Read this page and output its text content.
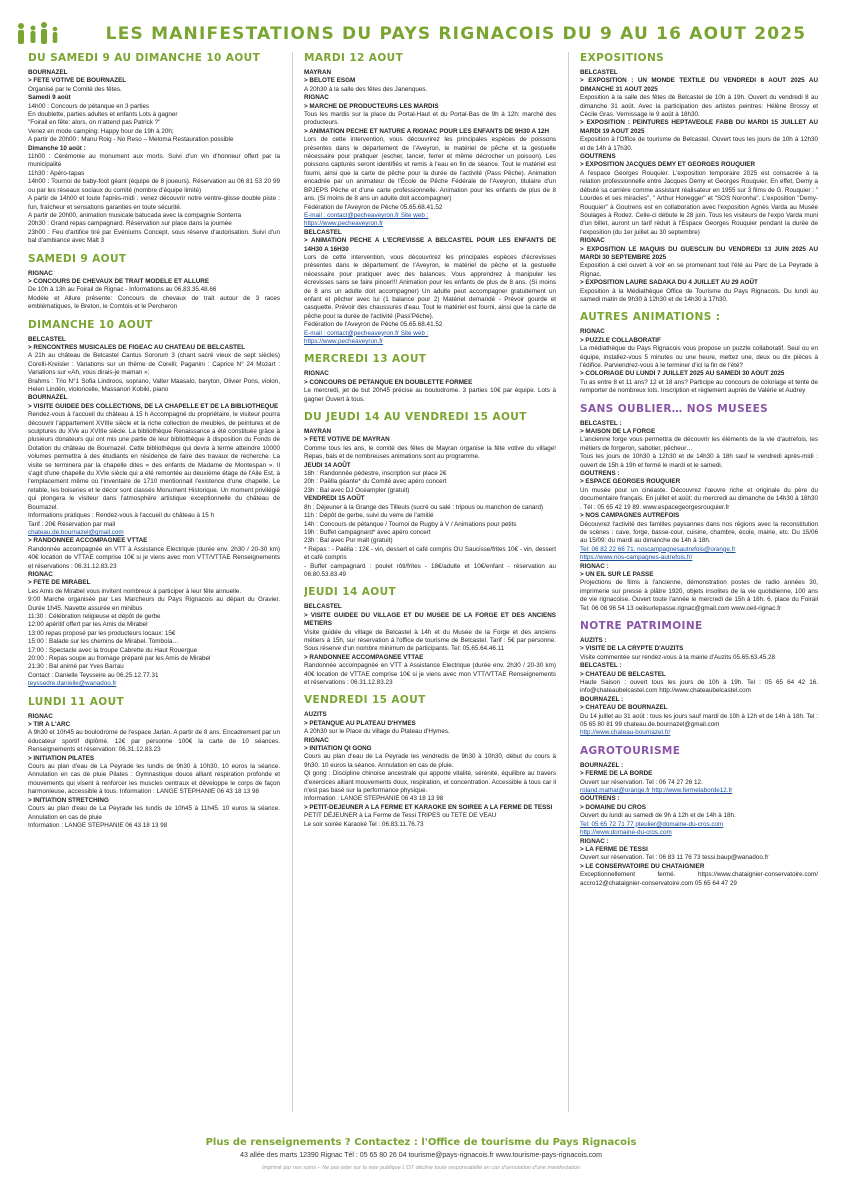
LES MANIFESTATIONS DU PAYS RIGNACOIS DU 9 AU 16 AOUT 2025
DU SAMEDI 9 AU DIMANCHE 10 AOUT
BOURNAZEL
> FETE VOTIVE DE BOURNAZEL
Organisé par le Comité des fêtes.
Samedi 9 août
14h00 : Concours de pétanque en 3 parties
En doublette, parties adultes et enfants Lots à gagner
"Foirail en fête: alors, on n'attend pas Patrick ?"
Venez en mode camping: Happy hour de 19h à 20h;
A partir de 20h00 : Manu Roig - No Reso – Meloma Restauration possible
Dimanche 10 août :
11h00 : Cérémonie au monument aux morts. Suivi d'un vin d'honneur offert par la municipalité
11h30 : Apéro-tapas
14h00 : Tournoi de baby-foot géant (équipe de 8 joueurs). Réservation au 06 81 53 20 99 ou par les réseaux sociaux du comité (nombre d'équipe limité)
A partir de 14h00 et toute l'après-midi : venez découvrir notre ventre-glisse double piste : fun, fraîcheur et sensations garanties en toute sécurité.
A partir de 20h00, animation musicale batucada avec la compagnie Sonterra
20h30 : Grand repas campagnard. Réservation sur place dans la journée
23h00 : Feu d'artifice tiré par Evéniums Concept, sous réserve d'autorisation. Suivi d'un bal d'ambiance avec Malt 3
SAMEDI 9 AOUT
RIGNAC
> CONCOURS DE CHEVAUX DE TRAIT MODELE ET ALLURE
De 10h à 13h au Foirail de Rignac - Informations au 06.83.35.48.66
Modèle et Allure présente: Concours de chevaux de trait autour de 3 races emblématiques, le Breton, le Comtois et le Percheron
DIMANCHE 10 AOUT
BELCASTEL
> RENCONTRES MUSICALES DE FIGEAC AU CHATEAU DE BELCASTEL
A 21h au château de Belcastel Cantus Sororum 3 (chant sacré vieux de sept siècles) Corelli-Kreisler : Variations sur un thème de Corelli; Paganini : Caprice N° 24 Mozart : Variations sur «Ah, vous dirais-je maman »;
Brahms : Trio N°1 Sofia Lindroos, soprano, Valter Maasalo, baryton, Olivier Pons, violon, Helen Lindén, violoncelle, Massanori Kobiki, piano
BOURNAZEL
> VISITE GUIDEE DES COLLECTIONS, DE LA CHAPELLE ET DE LA BIBLIOTHEQUE
Rendez-vous à l'accueil du château à 15 h Accompagné du propriétaire, le visiteur pourra découvrir l'appartement XVIIIe siècle et la riche collection de meubles, de peintures et de sculptures du XVe au XVIIIe siècle. La bibliothèque Renaissance a été constituée grâce à plusieurs donateurs qui ont mis une partie de leur bibliothèque à disposition du Fonds de Dotation du château de Bournazel. Cette bibliothèque qui devra à terme atteindre 10000 volumes permettra à des étudiants en résidence de faire des travaux de recherche. La visite se terminera par la chapelle dites « des enfants de Madame de Montespan ». Il s'agit d'une chapelle du XVIe siècle qui a été remontée au deuxième étage de l'Aile Est, à l'emplacement même où l'inventaire de 1710 mentionnait l'existence d'une chapelle. Le retable, les boiseries et le décor sont classés Monument Historique. Un moment privilégié qui plongera le visiteur dans l'atmosphère artistique exceptionnelle du château de Bournazel.
Informations pratiques : Rendez-vous à l'accueil du château à 15 h
Tarif : 20€ Réservation par mail
chateau.de.bournazel@gmail.com
> RANDONNEE ACCOMPAGNEE VTTAE
Randonnée accompagnée en VTT à Assistance Electrique (durée env. 2h30 / 20-30 km) 40€ location de VTTAE comprise 10€ si je viens avec mon VTT/VTTAE Renseignements et réservations : 06.31.12.83.23
RIGNAC
> FETE DE MIRABEL
Les Amis de Mirabel vous invitent nombreux à participer à leur fête annuelle.
9:00 Marche organisée par Les Marcheurs du Pays Rignacois au départ du Gravier. Durée 1h45. Navette assurée en minibus
11:30 : Célébration religieuse et dépôt de gerbe
12:00 apéritif offert par les Amis de Mirabel
13:00 repas proposé par les producteurs locaux: 15€
15:00 : Balade sur les chemins de Mirabel. Tombola…
17:00 : Spectacle avec la troupe Cabrette du Haut Rouergue
20:00 : Repas soupe au fromage préparé par les Amis de Mirabel
21:30 : Bal animé par Yves Barrau
Contact : Danielle Teysseire au 06.25.12.77.31
teyssedre.danielle@wanadoo.fr
LUNDI 11 AOUT
RIGNAC
> TIR A L'ARC
A 9h30 et 10h45 au boulodrome de l'espace Jarlan. A partir de 8 ans. Encadrement par un éducateur sportif diplômé. 12€ par personne 100€ la carte de 10 séances. Renseignements et réservation: 06.31.12.83.23
> INITIATION PILATES
Cours au plan d'eau de La Peyrade les lundis de 9h30 à 10h30. 10 euros la séance. Annulation en cas de pluie Pilates : Gymnastique douce alliant respiration profonde et mouvements qui visent à renforcer les muscles centraux et développe le corps de façon harmonieuse, accessible à tous. Information : LANGE STEPHANIE 06 43 18 13 98
> INITIATION STRETCHING
Cours au plan d'eau de La Peyrade les lundis de 10h45 à 11h45. 10 euros la séance. Annulation en cas de pluie
Information : LANGE STEPHANIE 06 43 18 13 98
MARDI 12 AOUT
MAYRAN
> BELOTE ESGM
A 20h30 à la salle des fêtes des Janenques.
RIGNAC
> MARCHE DE PRODUCTEURS LES MARDIS
Tous les mardis sur la place du Portal-Haut et du Portal-Bas de 9h à 12h: marché des producteurs.
> ANIMATION PECHE ET NATURE A RIGNAC POUR LES ENFANTS DE 9H30 A 12H
Lors de cette intervention, vous découvrirez les principales espèces de poissons présentes dans le département de l'Aveyron, le matériel de pêche et la gestuelle nécessaire pour pratiquer (escher, lancer, ferrer et même décrocher un poisson). Les poissons capturés seront identifiés et remis à l'eau en fin de séance. Tout le matériel est fourni, ainsi que la carte de pêche pour la durée de l'activité (Pass Pêche). Animation encadrée par un animateur de l'École de Pêche Fédérale de l'Aveyron, titulaire d'un BPJEPS Pêche et d'une carte professionnelle. Animation pour les enfants de plus de 8 ans. (Si moins de 8 ans un adulte doit accompagner)
Fédération de l'Aveyron de Pêche 05.65.68.41.52
E-mail : contact@pecheaveyron.fr Site web :
https://www.pecheaveyron.fr
BELCASTEL
> ANIMATION PECHE A L'ECREVISSE A BELCASTEL POUR LES ENFANTS DE 14H30 A 16H30
Lors de cette intervention, vous découvrirez les principales espèces d'écrevisses présentes dans le département de l'Aveyron, le matériel de pêche et la gestuelle nécessaire pour pratiquer avec des balances. Vous apprendrez à manipuler les écrevisses sans se faire pincer!!! Animation pour les enfants de plus de 8 ans. (Si moins de 8 ans un adulte doit accompagner) Un adulte peut accompagner gratuitement un enfant et pêcher avec lui (1 balance pour 2) Matériel demandé - Prévoir gourde et casquette. Prévoir des chaussures d'eau. Tout le matériel est fourni, ainsi que la carte de pêche pour la durée de l'activité (Pass'Pêche).
Fédération de l'Aveyron de Pêche 05.65.68.41.52
E-mail : contact@pecheaveyron.fr Site web :
https://www.pecheaveyron.fr
MERCREDI 13 AOUT
RIGNAC
> CONCOURS DE PETANQUE EN DOUBLETTE FORMEE
Le mercredi, jet de but 20h45 précise au boulodrome. 3 parties 10€ par équipe. Lots à gagner Ouvert à tous.
DU JEUDI 14 AU VENDREDI 15 AOUT
MAYRAN
> FETE VOTIVE DE MAYRAN
Comme tous les ans, le comité des fêtes de Mayran organise la fête votive du village! Repas, bals et de nombreuses animations sont au programme.
JEUDI 14 AOÛT
18h : Randonnée pédestre, inscription sur place 2€
20h : Paëlla géante* du Comité avec apéro concert
23h : Bal avec DJ Océampler (gratuit)
VENDREDI 15 AOÛT
8h : Déjeuner à la Grange des Tilleuls (sucré ou salé : tripous ou manchon de canard)
11h : Dépôt de gerbe, suivi du verre de l'amitié
14h : Concours de pétanque / Tournoi de Rugby à V / Animations pour petits
19h : Buffet campagnard* avec apéro concert
23h : Bal avec Pur malt (gratuit)
* Repas : - Paëlla : 12€ - vin, dessert et café compris OU Saucisse/frites 10€ - vin, dessert et café compris
- Buffet campagnard : poulet rôti/frites - 18€/adulte et 10€/enfant - réservation au 06.80.53.83.49
JEUDI 14 AOUT
BELCASTEL
> VISITE GUIDEE DU VILLAGE ET DU MUSEE DE LA FORGE ET DES ANCIENS METIERS
Visite guidée du village de Belcastel à 14h et du Musée de la Forge et des anciens métiers à 15h, sur réservation à l'office de tourisme de Belcastel. Tarif : 5€ par personne. Sous réserve d'un nombre minimum de participants. Tel: 05.65.64.46.11
> RANDONNEE ACCOMPAGNEE VTTAE
Randonnée accompagnée en VTT à Assistance Electrique (durée env. 2h30 / 20-30 km) 40€ location de VTTAE comprise 10€ si je viens avec mon VTT/VTTAE Renseignements et réservations : 06.31.12.83.23
VENDREDI 15 AOUT
AUZITS
> PETANQUE AU PLATEAU D'HYMES
A 20h30 sur le Place du village du Plateau d'Hymes.
RIGNAC
> INITIATION QI GONG
Cours au plan d'eau de La Peyrade les vendredis de 9h30 à 10h30, début du cours à 9h30. 10 euros la séance. Annulation en cas de pluie.
Qi gong : Discipline chinoise ancestrale qui apporte vitalité, sérénité, équilibre au travers d'exercices alliant mouvements doux, respiration, et concentration. Accessible à tous car il n'est pas basé sur la performance physique.
Information : LANGE STEPHANIE 06 43 18 13 98
> PETIT-DEJEUNER A LA FERME ET KARAOKE EN SOIREE A LA FERME DE TESSI
PETIT DÉJEUNER à La Ferme de Tessi TRIPES ou TETE DE VEAU
Le soir soirée Karaoké Tel : 06.83.11.76.73
EXPOSITIONS
BELCASTEL
> EXPOSITION : UN MONDE TEXTILE DU VENDREDI 8 AOUT 2025 AU DIMANCHE 31 AOUT 2025
Exposition à la salle des fêtes de Belcastel de 10h à 19h. Ouvert du vendredi 8 au dimanche 31 août. Avec la participation des artistes peintres: Hélène Brossy et Cécile Gras. Vernissage le 9 août à 18h30.
> EXPOSITION : PEINTURES HEPTAVEOLE FABB DU MARDI 15 JUILLET AU MARDI 19 AOUT 2025
Exposition à l'Office de tourisme de Belcastel. Ouvert tous les jours de 10h à 12h30 et de 14h à 17h30.
GOUTRENS
> EXPOSITION JACQUES DEMY ET GEORGES ROUQUIER
A l'espace Georges Rouquier. L'exposition temporaire 2025 est consacrée à la relation professionnelle entre Jacques Demy et Georges Rouquier. En effet, Demy a débuté sa carrière comme assistant réalisateur en 1955 sur 3 films de G. Rouquier : " Lourdes et ses miracles", " Arthur Honegger" et "SOS Noronha". L'exposition "Demy-Rouquier" à Goutrens est en collaboration avec l'exposition Agnès Varda au Musée Soulages à Rodez. Celle-ci débute le 28 juin. Tous les visiteurs de l'expo Varda muni d'un billet, auront un tarif réduit à l'Espace Georges Rouquier pendant la durée de l'exposition (du 1er juillet au 30 septembre)
RIGNAC
> EXPOSITION LE MAQUIS DU GUESCLIN DU VENDREDI 13 JUIN 2025 AU MARDI 30 SEPTEMBRE 2025
Exposition à ciel ouvert à voir en se promenant tout l'été au Parc de La Peyrade à Rignac.
> EXPOSITION LAURE SADAKA DU 4 JUILLET AU 29 AOÛT
Exposition à la Médiathèque Office de Tourisme du Pays Rignacois. Du lundi au samedi matin de 9h30 à 12h30 et de 14h30 à 17h30.
AUTRES ANIMATIONS :
RIGNAC
> PUZZLE COLLABORATIF
La médiathèque du Pays Rignacois vous propose un puzzle collaboratif. Seul ou en équipe, installez-vous 5 minutes ou une heure, mettez une, deux ou dix pièces à l'édifice. Parviendrez-vous à le terminer d'ici la fin de l'été?
> COLORIAGE DU LUNDI 7 JUILLET 2025 AU SAMEDI 30 AOUT 2025
Tu as entre 8 et 11 ans? 12 et 18 ans? Participe au concours de coloriage et tente de remporter de nombreux lots. Inscription et règlement auprès de Valérie et Audrey
SANS OUBLIER… NOS MUSEES
BELCASTEL :
> MAISON DE LA FORGE
L'ancienne forge vous permettra de découvrir les éléments de la vie d'autrefois, les métiers de forgeron, sabotier, pêcheur…
Tous les jours de 10h30 à 12h30 et de 14h30 à 18h sauf le vendredi après-midi : ouvert de 15h à 19h et fermé le mardi et le samedi.
GOUTRENS :
> ESPACE GEORGES ROUQUIER
Un musée pour un cinéaste. Découvrez l'œuvre riche et originale du père du documentaire français. En juillet et août: du mercredi au dimanche de 14h30 à 18h30 . Tél : 05 65 42 19 89. www.espacegeorgesrouquier.fr
> NOS CAMPAGNES AUTREFOIS
Découvrez l'activité des familles paysannes dans nos régions avec la reconstitution de scènes : cave, forge, basse-cour, cuisine, chambre, école, mairie, etc. Du 15/06 au 15/09: du mardi au dimanche de 14h à 18h.
Tel: 06 82 22 66 71. noscampagnesautrefois@orange.fr
https://www.nos-campagnes-autrefois.fr/
RIGNAC :
> UN EIL SUR LE PASSE
Projections de films à l'ancienne, démonstration postes de radio années 30, imprimerie sur presse à plâtre 1920, objets insolites de la vie quotidienne, 100 ans de vie rignacoise. Ouvert toute l'année le mercredi de 15h à 18h. 6, place du Foirail Tel: 06 08 96 54 13 oeilsurlepasse.rignac@gmail.com www.oeil-rignac.fr
NOTRE PATRIMOINE
AUZITS :
> VISITE DE LA CRYPTE D'AUZITS
Visite commentée sur rendez-vous à la mairie d'Auzits 05.65.63.45.28
BELCASTEL :
> CHATEAU DE BELCASTEL
Haute Saison : ouvert tous les jours de 10h à 19h. Tel : 05 65 64 42 16. info@chateaubelcastel.com http://www.chateaubelcastel.com
BOURNAZEL :
> CHATEAU DE BOURNAZEL
Du 14 juillet au 31 août : tous les jours sauf mardi de 10h à 12h et de 14h à 18h. Tel : 05 65 80 81 99 chateau.de.bournazel@gmail.com
http://www.chateau-bournazel.fr/
AGROTOURISME
BOURNAZEL :
> FERME DE LA BORDE
Ouvert sur réservation. Tel : 06 74 27 26 12.
roland.mathat@orange.fr http://www.fermelaborde12.fr
GOUTRENS :
> DOMAINE DU CROS
Ouvert du lundi au samedi de 9h à 12h et de 14h à 18h.
Tel: 05 65 72 71 77 pteulier@domaine-du-cros.com
http://www.domaine-du-cros.com
RIGNAC :
> LA FERME DE TESSI
Ouvert sur réservation. Tel : 06 83 11 76 73 tessi.baup@wanadoo.fr
> LE CONSERVATOIRE DU CHATAIGNIER
Exceptionnellement fermé. https://www.chataignier-conservatoire.com/ accro12@chataignier-conservatoire.com 05 65 64 47 29
Plus de renseignements ? Contactez : l'Office de tourisme du Pays Rignacois
43 allée des marts 12390 Rignac Tél : 05 65 80 26 04 tourisme@pays-rignacois.fr www.tourisme-pays-rignacois.com
Imprimé par nos soins – Ne pas jeter sur la voie publique L'OT décline toute responsabilité en cas d'annulation d'une manifestation
